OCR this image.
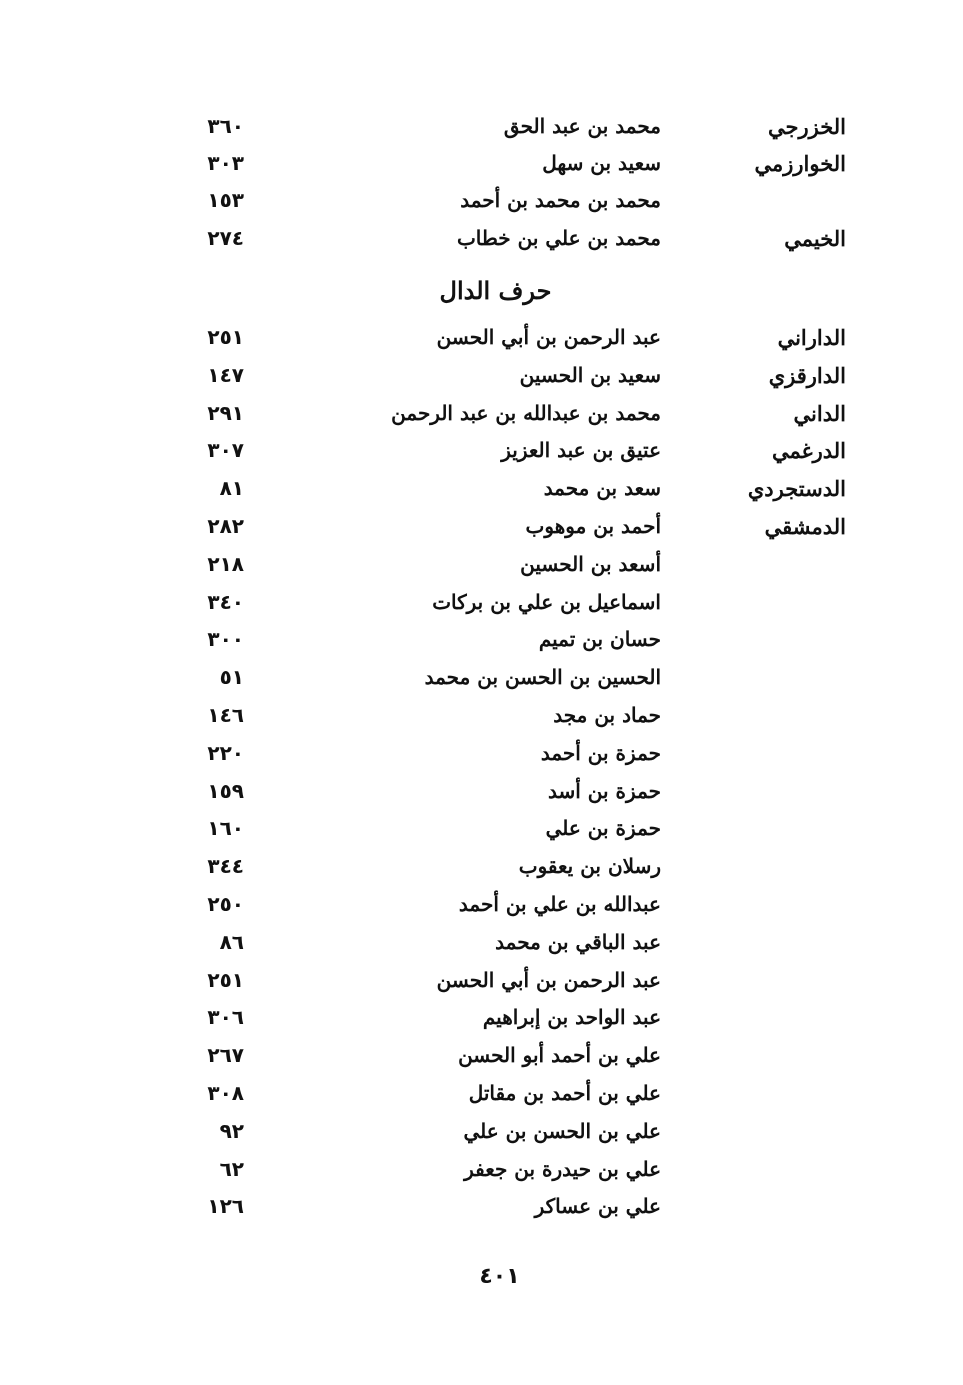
الخزرجي
محمد بن عبد الحق
٣٦٠
الخوارزمي
سعيد بن سهل
٣٠٣
محمد بن محمد بن أحمد
١٥٣
الخيمي
محمد بن علي بن خطاب
٢٧٤
حرف الدال
الداراني
عبد الرحمن بن أبي الحسن
٢٥١
الدارقزي
سعيد بن الحسين
١٤٧
الداني
محمد بن عبدالله بن عبد الرحمن
٢٩١
الدرغمي
عتيق بن عبد العزيز
٣٠٧
الدستجردي
سعد بن محمد
٨١
الدمشقي
أحمد بن موهوب
٢٨٢
أسعد بن الحسين
٢١٨
اسماعيل بن علي بن بركات
٣٤٠
حسان بن تميم
٣٠٠
الحسين بن الحسن بن محمد
٥١
حماد بن مجد
١٤٦
حمزة بن أحمد
٢٢٠
حمزة بن أسد
١٥٩
حمزة بن علي
١٦٠
رسلان بن يعقوب
٣٤٤
عبدالله بن علي بن أحمد
٢٥٠
عبد الباقي بن محمد
٨٦
عبد الرحمن بن أبي الحسن
٢٥١
عبد الواحد بن إبراهيم
٣٠٦
علي بن أحمد أبو الحسن
٢٦٧
علي بن أحمد بن مقاتل
٣٠٨
علي بن الحسن بن علي
٩٢
علي بن حيدرة بن جعفر
٦٢
علي بن عساكر
١٢٦
٤٠١
